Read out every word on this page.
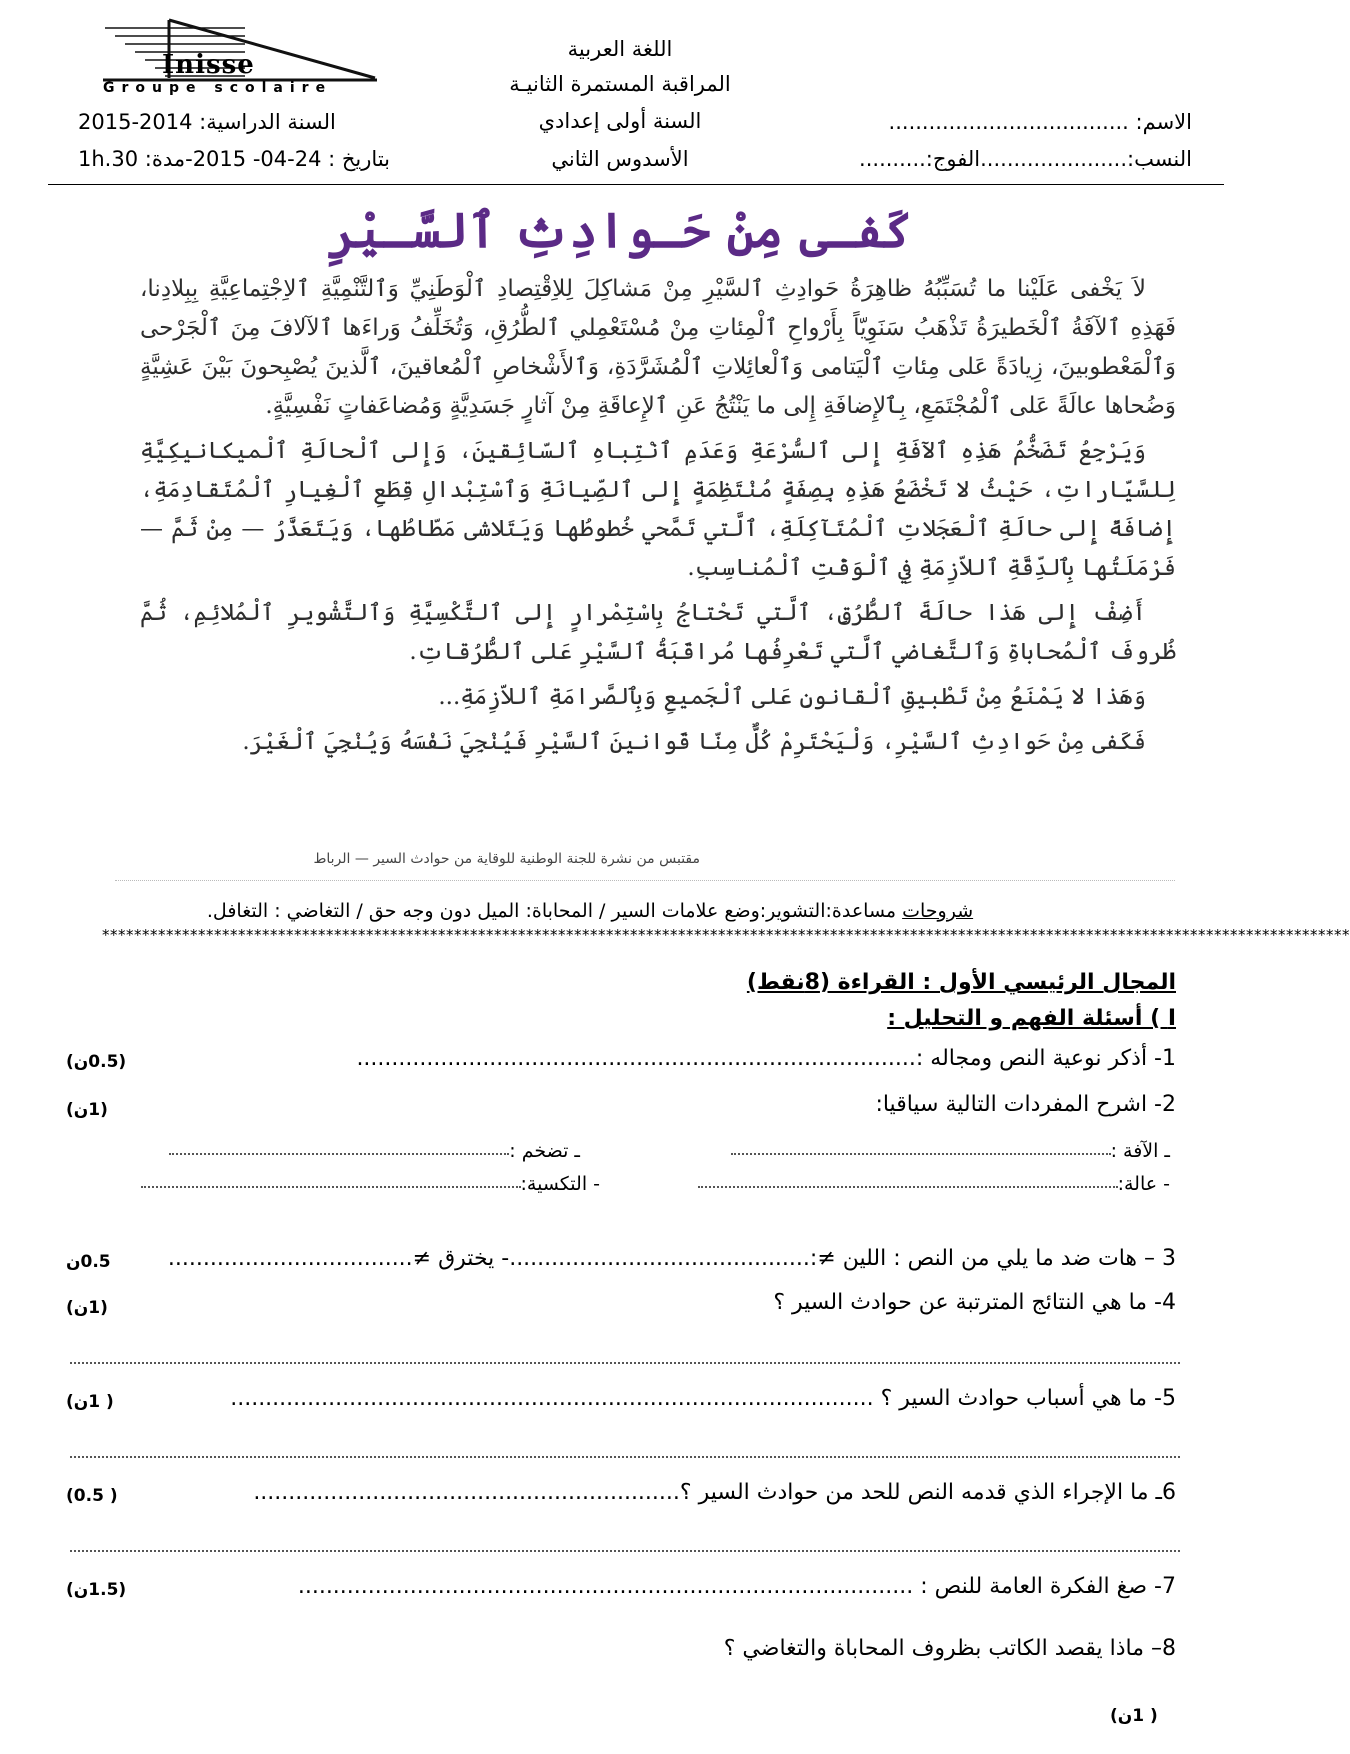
Inisse
Groupe scolaire
اللغة العربية
المراقبة المستمرة الثانيـة
السنة أولى إعدادي
الأسدوس الثاني
الاسم: ....................................
النسب:......................الفوج:..........
السنة الدراسية: 2014-2015
بتاريخ : 24-04- 2015-مدة: 1h.30
كَفـى مِنْ حَـوادِثِ ٱلسَّـيْرِ

لاَ يَخْفى عَلَيْنا ما تُسَبِّبُهُ ظاهِرَةُ حَوادِثِ ٱلسَّيْرِ مِنْ مَشاكِلَ لِلاِقْتِصادِ ٱلْوَطَنِيِّ وَٱلتَّنْمِيَّةِ ٱلاِجْتِماعِيَّةِ بِبِلادِنا، فَهَذِهِ ٱلآفَةُ ٱلْخَطيرَةُ تَذْهَبُ سَنَوِيّاً بِأَرْواحِ ٱلْمِئاتِ مِنْ مُسْتَعْمِلي ٱلطُّرُقِ، وَتُخَلِّفُ وَراءَها ٱلآلافَ مِنَ ٱلْجَرْحى وَٱلْمَعْطوبينَ، زِيادَةً عَلى مِئاتِ ٱلْيَتامى وَٱلْعائِلاتِ ٱلْمُشَرَّدَةِ، وَٱلأَشْخاصِ ٱلْمُعاقينَ، ٱلَّذينَ يُصْبِحونَ بَيْنَ عَشِيَّةٍ وَضُحاها عالَةً عَلى ٱلْمُجْتَمَعِ، بِٱلإِضافَةِ إِلى ما يَنْتُجُ عَنِ ٱلإِعاقَةِ مِنْ آثارٍ جَسَدِيَّةٍ وَمُضاعَفاتٍ نَفْسِيَّةٍ.

وَيَرْجِعُ تَضَخُّمُ هَذِهِ ٱلآفَةِ إِلى ٱلسُّرْعَةِ وَعَدَمِ ٱنْتِباهِ ٱلسّائِقينَ، وَإِلى ٱلْحالَةِ ٱلْميكانيكِيَّةِ لِلسَّيّاراتِ، حَيْثُ لا تَخْضَعُ هَذِهِ بِصِفَةٍ مُنْتَظِمَةٍ إِلى ٱلصِّيانَةِ وَٱسْتِبْدالِ قِطَعِ ٱلْغِيارِ ٱلْمُتَقادِمَةِ، إِضافَةً إِلى حالَةِ ٱلْعَجَلاتِ ٱلْمُتَآكِلَةِ، ٱلَّتي تَمَّحي خُطوطُها وَيَتَلاشى مَطّاطُها، وَيَتَعَذَّرُ — مِنْ ثَمَّ — فَرْمَلَتُها بِٱلدِّقَّةِ ٱللاّزِمَةِ فِي ٱلْوَقْتِ ٱلْمُناسِبِ.

أَضِفْ إِلى هَذا حالَةَ ٱلطُّرُقِ، ٱلَّتي تَحْتاجُ بِاسْتِمْرارٍ إِلى ٱلتَّكْسِيَّةِ وَٱلتَّشْويرِ ٱلْمُلائِمِ، ثُمَّ ظُروفَ ٱلْمُحاباةِ وَٱلتَّغاضي ٱلَّتي تَعْرِفُها مُراقَبَةُ ٱلسَّيْرِ عَلى ٱلطُّرُقاتِ.

وَهَذا لا يَمْنَعُ مِنْ تَطْبيقِ ٱلْقانونِ عَلى ٱلْجَميعِ وَبِٱلصَّرامَةِ ٱللاّزِمَةِ...

فَكَفى مِنْ حَوادِثِ ٱلسَّيْرِ، وَلْيَحْتَرِمْ كُلٌّ مِنّا قَوانينَ ٱلسَّيْرِ فَيُنْجِيَ نَفْسَهُ وَيُنْجِيَ ٱلْغَيْرَ.

مقتبس من نشرة للجنة الوطنية للوقاية من حوادث السير — الرباط
شروحات مساعدة:التشوير:وضع علامات السير / المحاباة: الميل دون وجه حق / التغاضي : التغافل.
************************************************************************************************************************************************************
المجال الرئيسي الأول : القراءة (8نقط)
I ) أسئلة الفهم و التحليل :
1- أذكر نوعية النص ومجاله :................................................................................
(0.5ن)
2- اشرح المفردات التالية سياقيا:
(1ن)
ـ الآفة :
ـ تضخم :
- عالة:
- التكسية:
3 – هات ضد ما يلي من النص : اللين ≠:...........................................- يخترق ≠...................................
0.5ن
4- ما هي النتائج المترتبة عن حوادث السير ؟
(1ن)
5- ما هي أسباب حوادث السير ؟ ............................................................................................
( 1ن)
6ـ ما الإجراء الذي قدمه النص للحد من حوادث السير ؟.............................................................
( 0.5)
7- صغ الفكرة العامة للنص : ........................................................................................
(1.5ن)
8– ماذا يقصد الكاتب بظروف المحاباة والتغاضي ؟
( 1ن)
